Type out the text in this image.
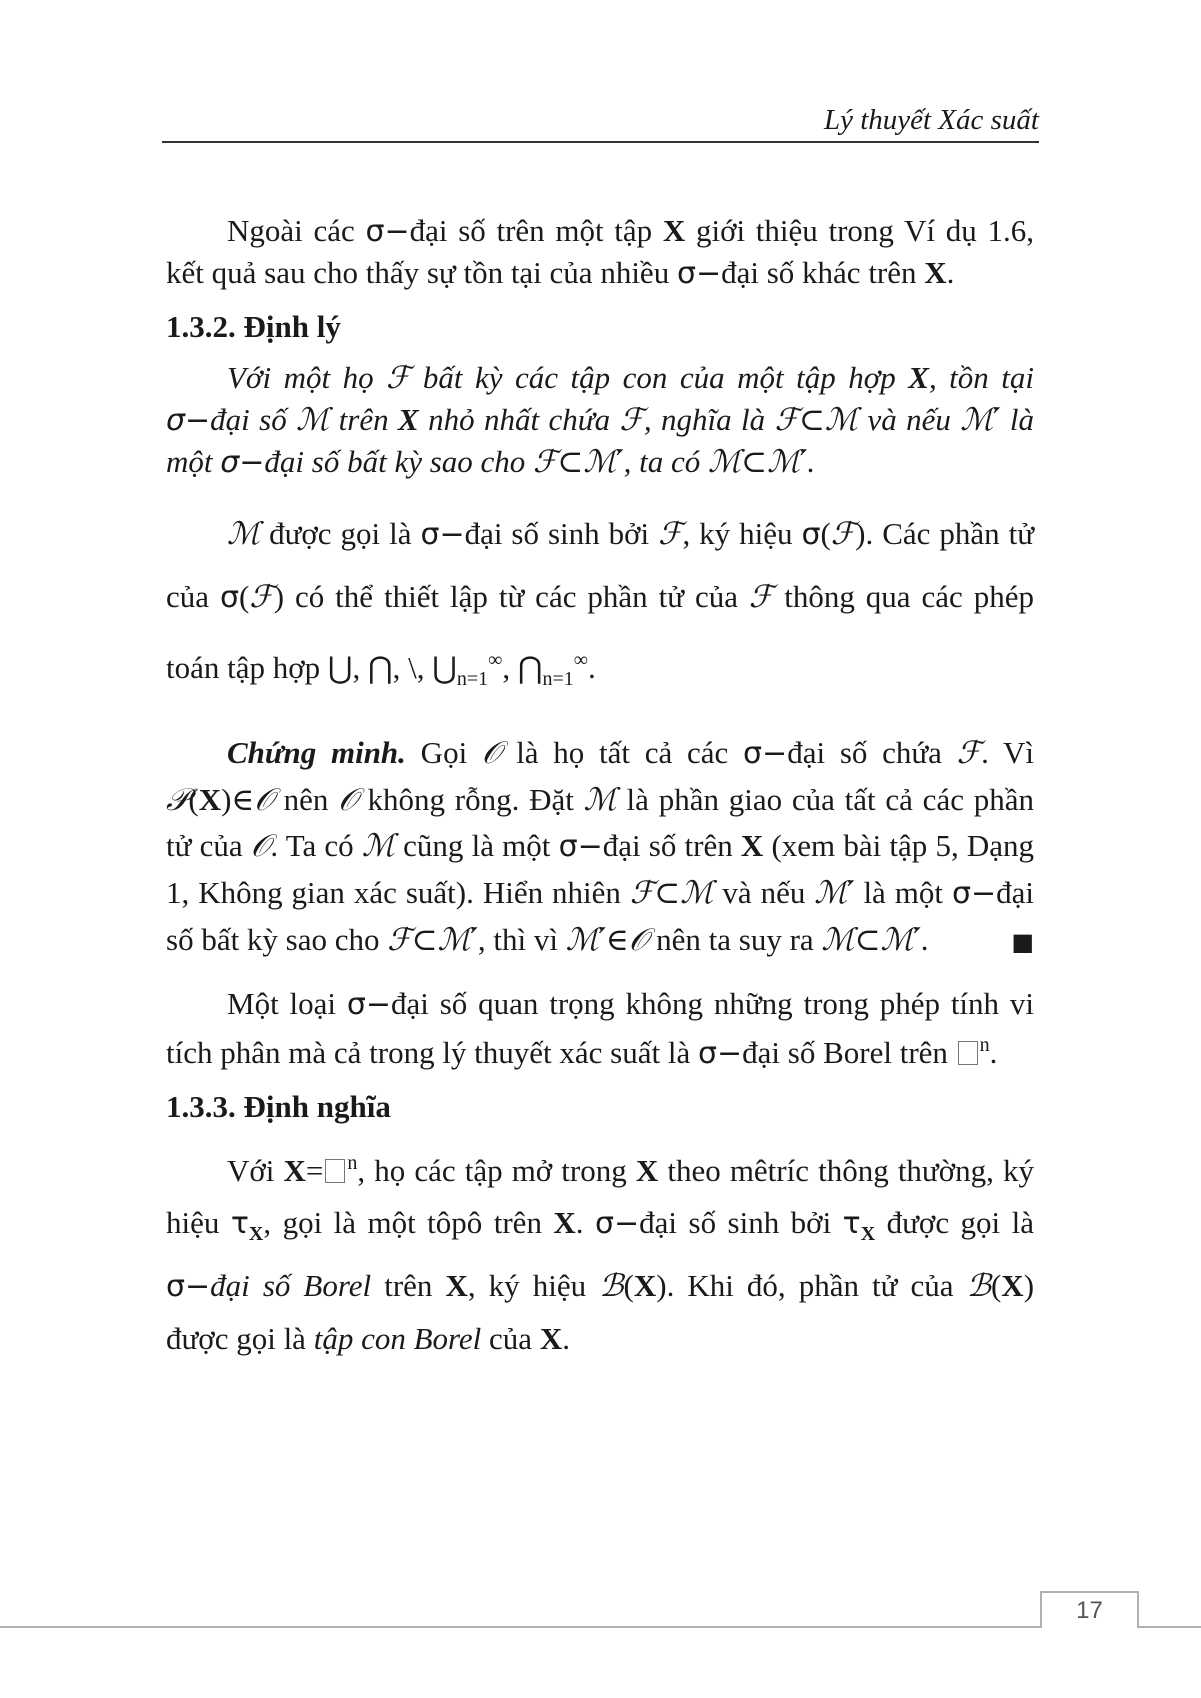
Lý thuyết Xác suất

Ngoài các σ−đại số trên một tập X giới thiệu trong Ví dụ 1.6, kết quả sau cho thấy sự tồn tại của nhiều σ−đại số khác trên X.

1.3.2. Định lý

Với một họ ℱ bất kỳ các tập con của một tập hợp X, tồn tại σ−đại số ℳ trên X nhỏ nhất chứa ℱ, nghĩa là ℱ⊂ℳ và nếu ℳ′ là một σ−đại số bất kỳ sao cho ℱ⊂ℳ′, ta có ℳ⊂ℳ′.

ℳ được gọi là σ−đại số sinh bởi ℱ, ký hiệu σ(ℱ). Các phần tử của σ(ℱ) có thể thiết lập từ các phần tử của ℱ thông qua các phép toán tập hợp ⋃, ⋂, \, $⋃_{n=1}^\infty$, $⋂_{n=1}^\infty$.

Chứng minh. Gọi 𝒪 là họ tất cả các σ−đại số chứa ℱ. Vì 𝒫(X)∈𝒪 nên 𝒪 không rỗng. Đặt ℳ là phần giao của tất cả các phần tử của 𝒪. Ta có ℳ cũng là một σ−đại số trên X (xem bài tập 5, Dạng 1, Không gian xác suất). Hiển nhiên ℱ⊂ℳ và nếu ℳ′ là một σ−đại số bất kỳ sao cho ℱ⊂ℳ′, thì vì ℳ′∈𝒪 nên ta suy ra ℳ⊂ℳ′.	■

Một loại σ−đại số quan trọng không những trong phép tính vi tích phân mà cả trong lý thuyết xác suất là σ−đại số Borel trên $^n$.

1.3.3. Định nghĩa

Với X= $^n$, họ các tập mở trong X theo mêtríc thông thường, ký hiệu $\tau_X$, gọi là một tôpô trên X. σ−đại số sinh bởi $\tau_X$ được gọi là σ−đại số Borel trên X, ký hiệu ℬ(X). Khi đó, phần tử của ℬ(X) được gọi là tập con Borel của X.

17
